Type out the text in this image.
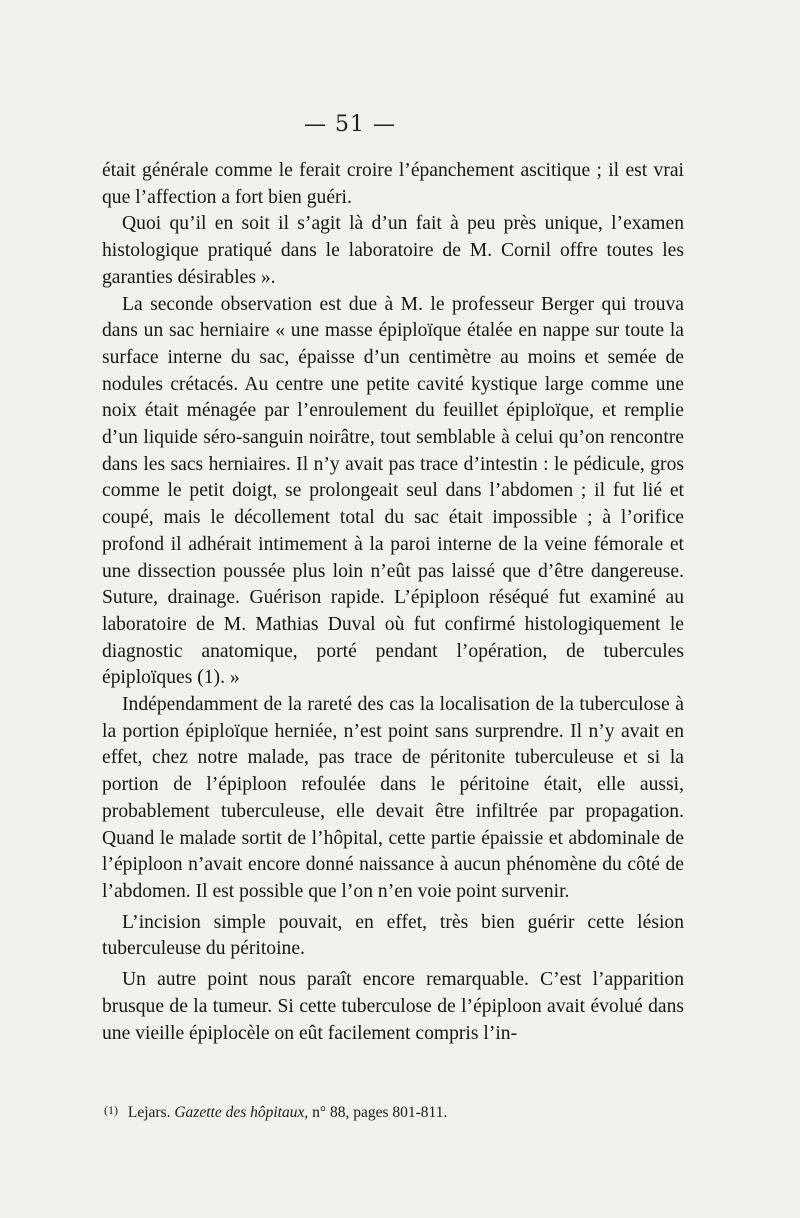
— 51 —

était générale comme le ferait croire l’épanchement ascitique ; il est vrai que l’affection a fort bien guéri.

Quoi qu’il en soit il s’agit là d’un fait à peu près unique, l’examen histologique pratiqué dans le laboratoire de M. Cornil offre toutes les garanties désirables ».

La seconde observation est due à M. le professeur Berger qui trouva dans un sac herniaire « une masse épiploïque étalée en nappe sur toute la surface interne du sac, épaisse d’un centimètre au moins et semée de nodules crétacés. Au centre une petite cavité kystique large comme une noix était ménagée par l’enroulement du feuillet épiploïque, et remplie d’un liquide séro-sanguin noirâtre, tout semblable à celui qu’on rencontre dans les sacs herniaires. Il n’y avait pas trace d’intestin : le pédicule, gros comme le petit doigt, se prolongeait seul dans l’abdomen ; il fut lié et coupé, mais le décollement total du sac était impossible ; à l’orifice profond il adhérait intimement à la paroi interne de la veine fémorale et une dissection poussée plus loin n’eût pas laissé que d’être dangereuse. Suture, drainage. Guérison rapide. L’épiploon réséqué fut examiné au laboratoire de M. Mathias Duval où fut confirmé histologiquement le diagnostic anatomique, porté pendant l’opération, de tubercules épiploïques (1). »

Indépendamment de la rareté des cas la localisation de la tuberculose à la portion épiploïque herniée, n’est point sans surprendre. Il n’y avait en effet, chez notre malade, pas trace de péritonite tuberculeuse et si la portion de l’épiploon refoulée dans le péritoine était, elle aussi, probablement tuberculeuse, elle devait être infiltrée par propagation. Quand le malade sortit de l’hôpital, cette partie épaissie et abdominale de l’épiploon n’avait encore donné naissance à aucun phénomène du côté de l’abdomen. Il est possible que l’on n’en voie point survenir.

L’incision simple pouvait, en effet, très bien guérir cette lésion tuberculeuse du péritoine.

Un autre point nous paraît encore remarquable. C’est l’apparition brusque de la tumeur. Si cette tuberculose de l’épiploon avait évolué dans une vieille épiplocèle on eût facilement compris l’in-

(1) Lejars. Gazette des hôpitaux, n° 88, pages 801-811.
